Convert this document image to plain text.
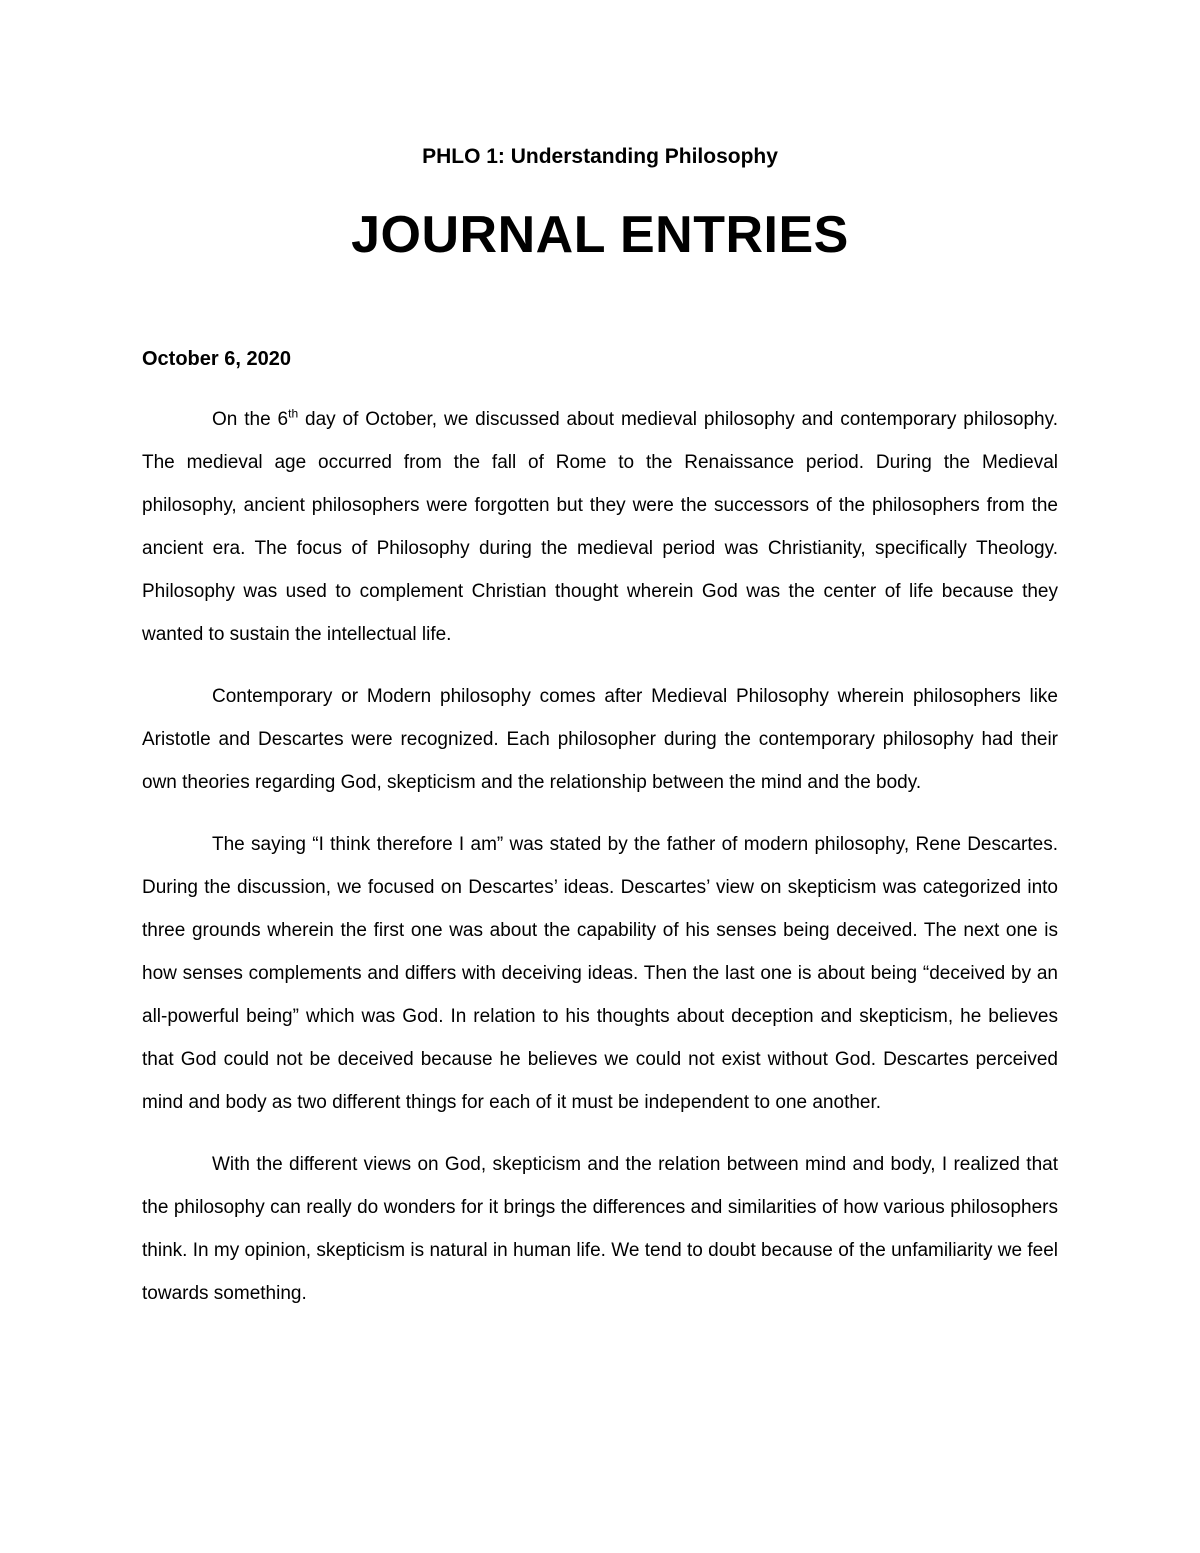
PHLO 1: Understanding Philosophy
JOURNAL ENTRIES
October 6, 2020

On the 6th day of October, we discussed about medieval philosophy and contemporary philosophy. The medieval age occurred from the fall of Rome to the Renaissance period. During the Medieval philosophy, ancient philosophers were forgotten but they were the successors of the philosophers from the ancient era. The focus of Philosophy during the medieval period was Christianity, specifically Theology. Philosophy was used to complement Christian thought wherein God was the center of life because they wanted to sustain the intellectual life.

Contemporary or Modern philosophy comes after Medieval Philosophy wherein philosophers like Aristotle and Descartes were recognized. Each philosopher during the contemporary philosophy had their own theories regarding God, skepticism and the relationship between the mind and the body.

The saying “I think therefore I am” was stated by the father of modern philosophy, Rene Descartes. During the discussion, we focused on Descartes’ ideas. Descartes’ view on skepticism was categorized into three grounds wherein the first one was about the capability of his senses being deceived. The next one is how senses complements and differs with deceiving ideas. Then the last one is about being “deceived by an all-powerful being” which was God. In relation to his thoughts about deception and skepticism, he believes that God could not be deceived because he believes we could not exist without God. Descartes perceived mind and body as two different things for each of it must be independent to one another.

With the different views on God, skepticism and the relation between mind and body, I realized that the philosophy can really do wonders for it brings the differences and similarities of how various philosophers think. In my opinion, skepticism is natural in human life. We tend to doubt because of the unfamiliarity we feel towards something.
